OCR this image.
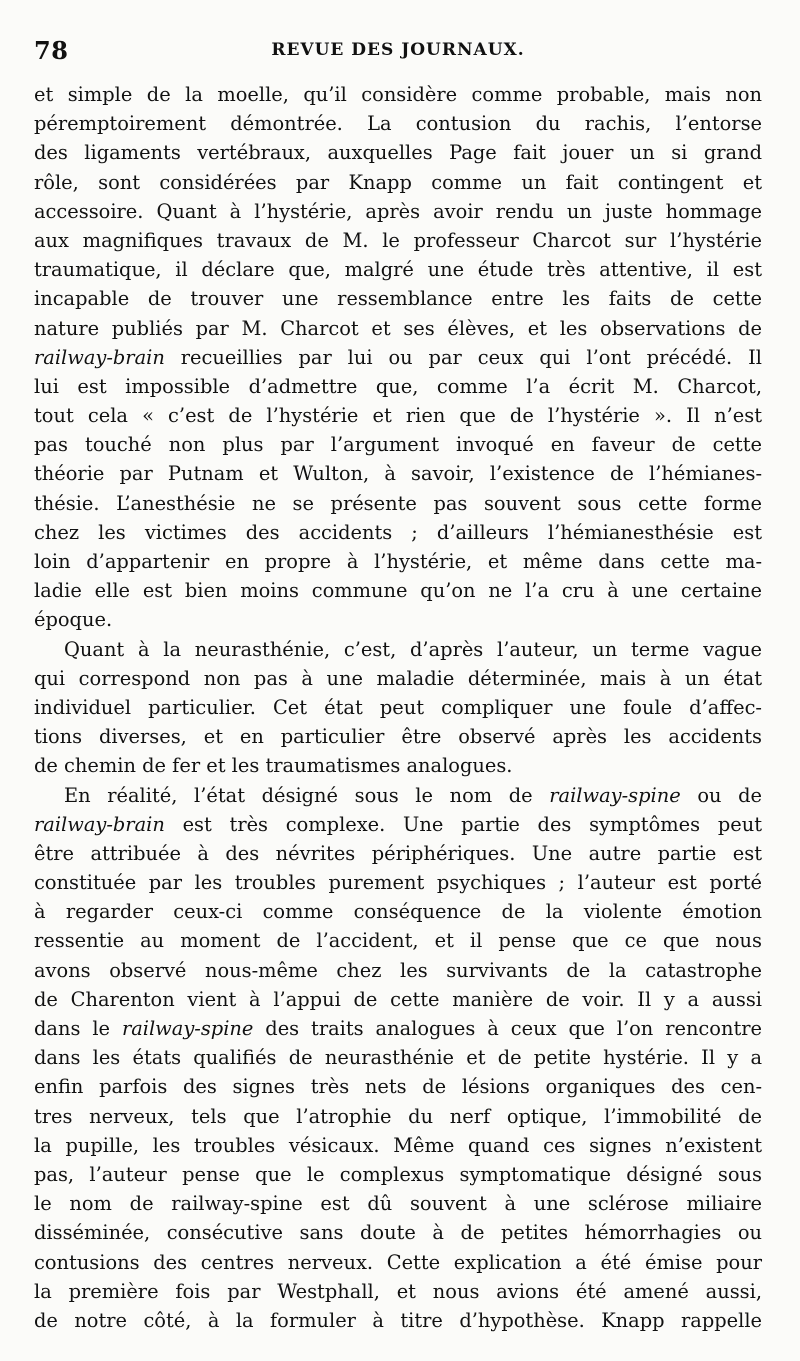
78	REVUE DES JOURNAUX.
et simple de la moelle, qu’il considère comme probable, mais non
péremptoirement démontrée. La contusion du rachis, l’entorse
des ligaments vertébraux, auxquelles Page fait jouer un si grand
rôle, sont considérées par Knapp comme un fait contingent et
accessoire. Quant à l’hystérie, après avoir rendu un juste hommage
aux magnifiques travaux de M. le professeur Charcot sur l’hystérie
traumatique, il déclare que, malgré une étude très attentive, il est
incapable de trouver une ressemblance entre les faits de cette
nature publiés par M. Charcot et ses élèves, et les observations de
railway-brain recueillies par lui ou par ceux qui l’ont précédé. Il
lui est impossible d’admettre que, comme l’a écrit M. Charcot,
tout cela « c’est de l’hystérie et rien que de l’hystérie ». Il n’est
pas touché non plus par l’argument invoqué en faveur de cette
théorie par Putnam et Wulton, à savoir, l’existence de l’hémianes-
thésie. L’anesthésie ne se présente pas souvent sous cette forme
chez les victimes des accidents ; d’ailleurs l’hémianesthésie est
loin d’appartenir en propre à l’hystérie, et même dans cette ma-
ladie elle est bien moins commune qu’on ne l’a cru à une certaine
époque.
Quant à la neurasthénie, c’est, d’après l’auteur, un terme vague
qui correspond non pas à une maladie déterminée, mais à un état
individuel particulier. Cet état peut compliquer une foule d’affec-
tions diverses, et en particulier être observé après les accidents
de chemin de fer et les traumatismes analogues.
En réalité, l’état désigné sous le nom de railway-spine ou de
railway-brain est très complexe. Une partie des symptômes peut
être attribuée à des névrites périphériques. Une autre partie est
constituée par les troubles purement psychiques ; l’auteur est porté
à regarder ceux-ci comme conséquence de la violente émotion
ressentie au moment de l’accident, et il pense que ce que nous
avons observé nous-même chez les survivants de la catastrophe
de Charenton vient à l’appui de cette manière de voir. Il y a aussi
dans le railway-spine des traits analogues à ceux que l’on rencontre
dans les états qualifiés de neurasthénie et de petite hystérie. Il y a
enfin parfois des signes très nets de lésions organiques des cen-
tres nerveux, tels que l’atrophie du nerf optique, l’immobilité de
la pupille, les troubles vésicaux. Même quand ces signes n’existent
pas, l’auteur pense que le complexus symptomatique désigné sous
le nom de railway-spine est dû souvent à une sclérose miliaire
disséminée, consécutive sans doute à de petites hémorrhagies ou
contusions des centres nerveux. Cette explication a été émise pour
la première fois par Westphall, et nous avions été amené aussi,
de notre côté, à la formuler à titre d’hypothèse. Knapp rappelle
